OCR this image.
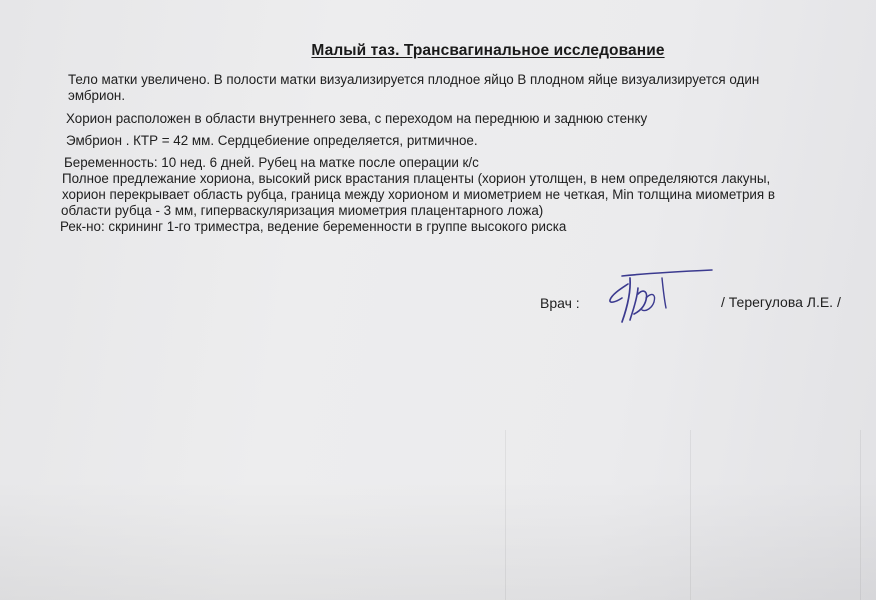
Малый таз. Трансвагинальное исследование
Тело матки увеличено. В полости матки визуализируется плодное яйцо В плодном яйце визуализируется один
эмбрион.
Хорион расположен в области внутреннего зева, с переходом на переднюю и заднюю стенку
Эмбрион . КТР = 42 мм. Сердцебиение определяется, ритмичное.
Беременность: 10 нед. 6 дней. Рубец на матке после операции к/с
Полное предлежание хориона, высокий риск врастания плаценты (хорион утолщен, в нем определяются лакуны,
хорион перекрывает область рубца, граница между хорионом и миометрием не четкая, Min толщина миометрия в
области рубца - 3 мм, гиперваскуляризация миометрия плацентарного ложа)
Рек-но: скрининг 1-го триместра, ведение беременности в группе высокого риска
Врач :	/ Терегулова Л.Е. /
